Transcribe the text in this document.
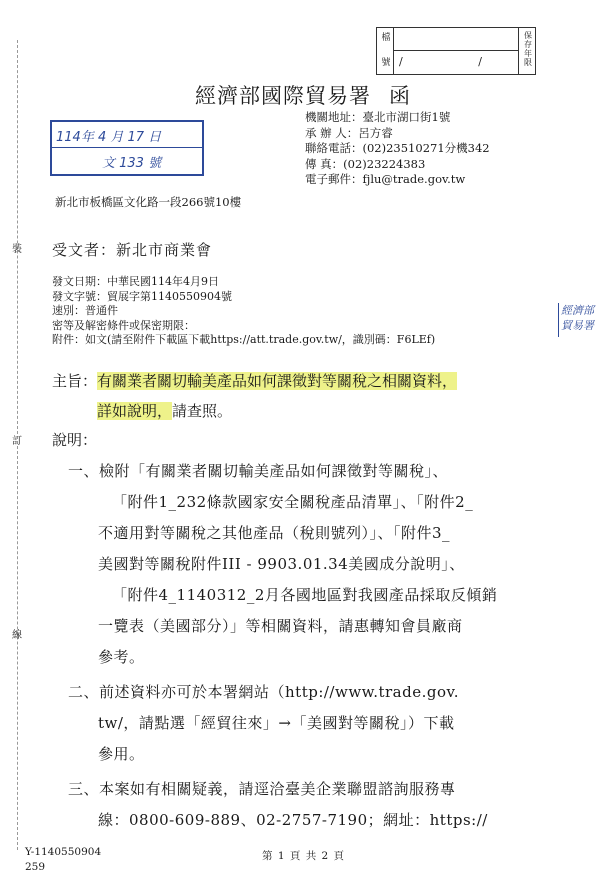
裝
訂
線
檔
號 / /
保存年限
經濟部國際貿易署 函
114年 4 月 17 日
文 133 號
機關地址：臺北市湖口街1號
承 辦 人：呂方睿
聯絡電話：(02)23510271分機342
傳 真：(02)23224383
電子郵件：fjlu@trade.gov.tw
新北市板橋區文化路一段266號10樓
受文者：新北市商業會
發文日期：中華民國114年4月9日
發文字號：貿展字第1140550904號
速別：普通件
密等及解密條件或保密期限：
附件：如文(請至附件下載區下載https://att.trade.gov.tw/，識別碼：F6LEf)
經濟部
貿易署
主旨：有關業者關切輸美產品如何課徵對等關稅之相關資料，
詳如說明，請查照。
說明：
一、檢附「有關業者關切輸美產品如何課徵對等關稅」、
「附件1_232條款國家安全關稅產品清單」、「附件2_
不適用對等關稅之其他產品（稅則號列）」、「附件3_
美國對等關稅附件III - 9903.01.34美國成分說明」、
「附件4_1140312_2月各國地區對我國產品採取反傾銷
一覽表（美國部分）」等相關資料，請惠轉知會員廠商
參考。
二、前述資料亦可於本署網站（http://www.trade.gov.
tw/，請點選「經貿往來」→「美國對等關稅」）下載
參用。
三、本案如有相關疑義，請逕洽臺美企業聯盟諮詢服務專
線：0800-609-889、02-2757-7190；網址：https://
Y-1140550904
259
第 1 頁 共 2 頁
